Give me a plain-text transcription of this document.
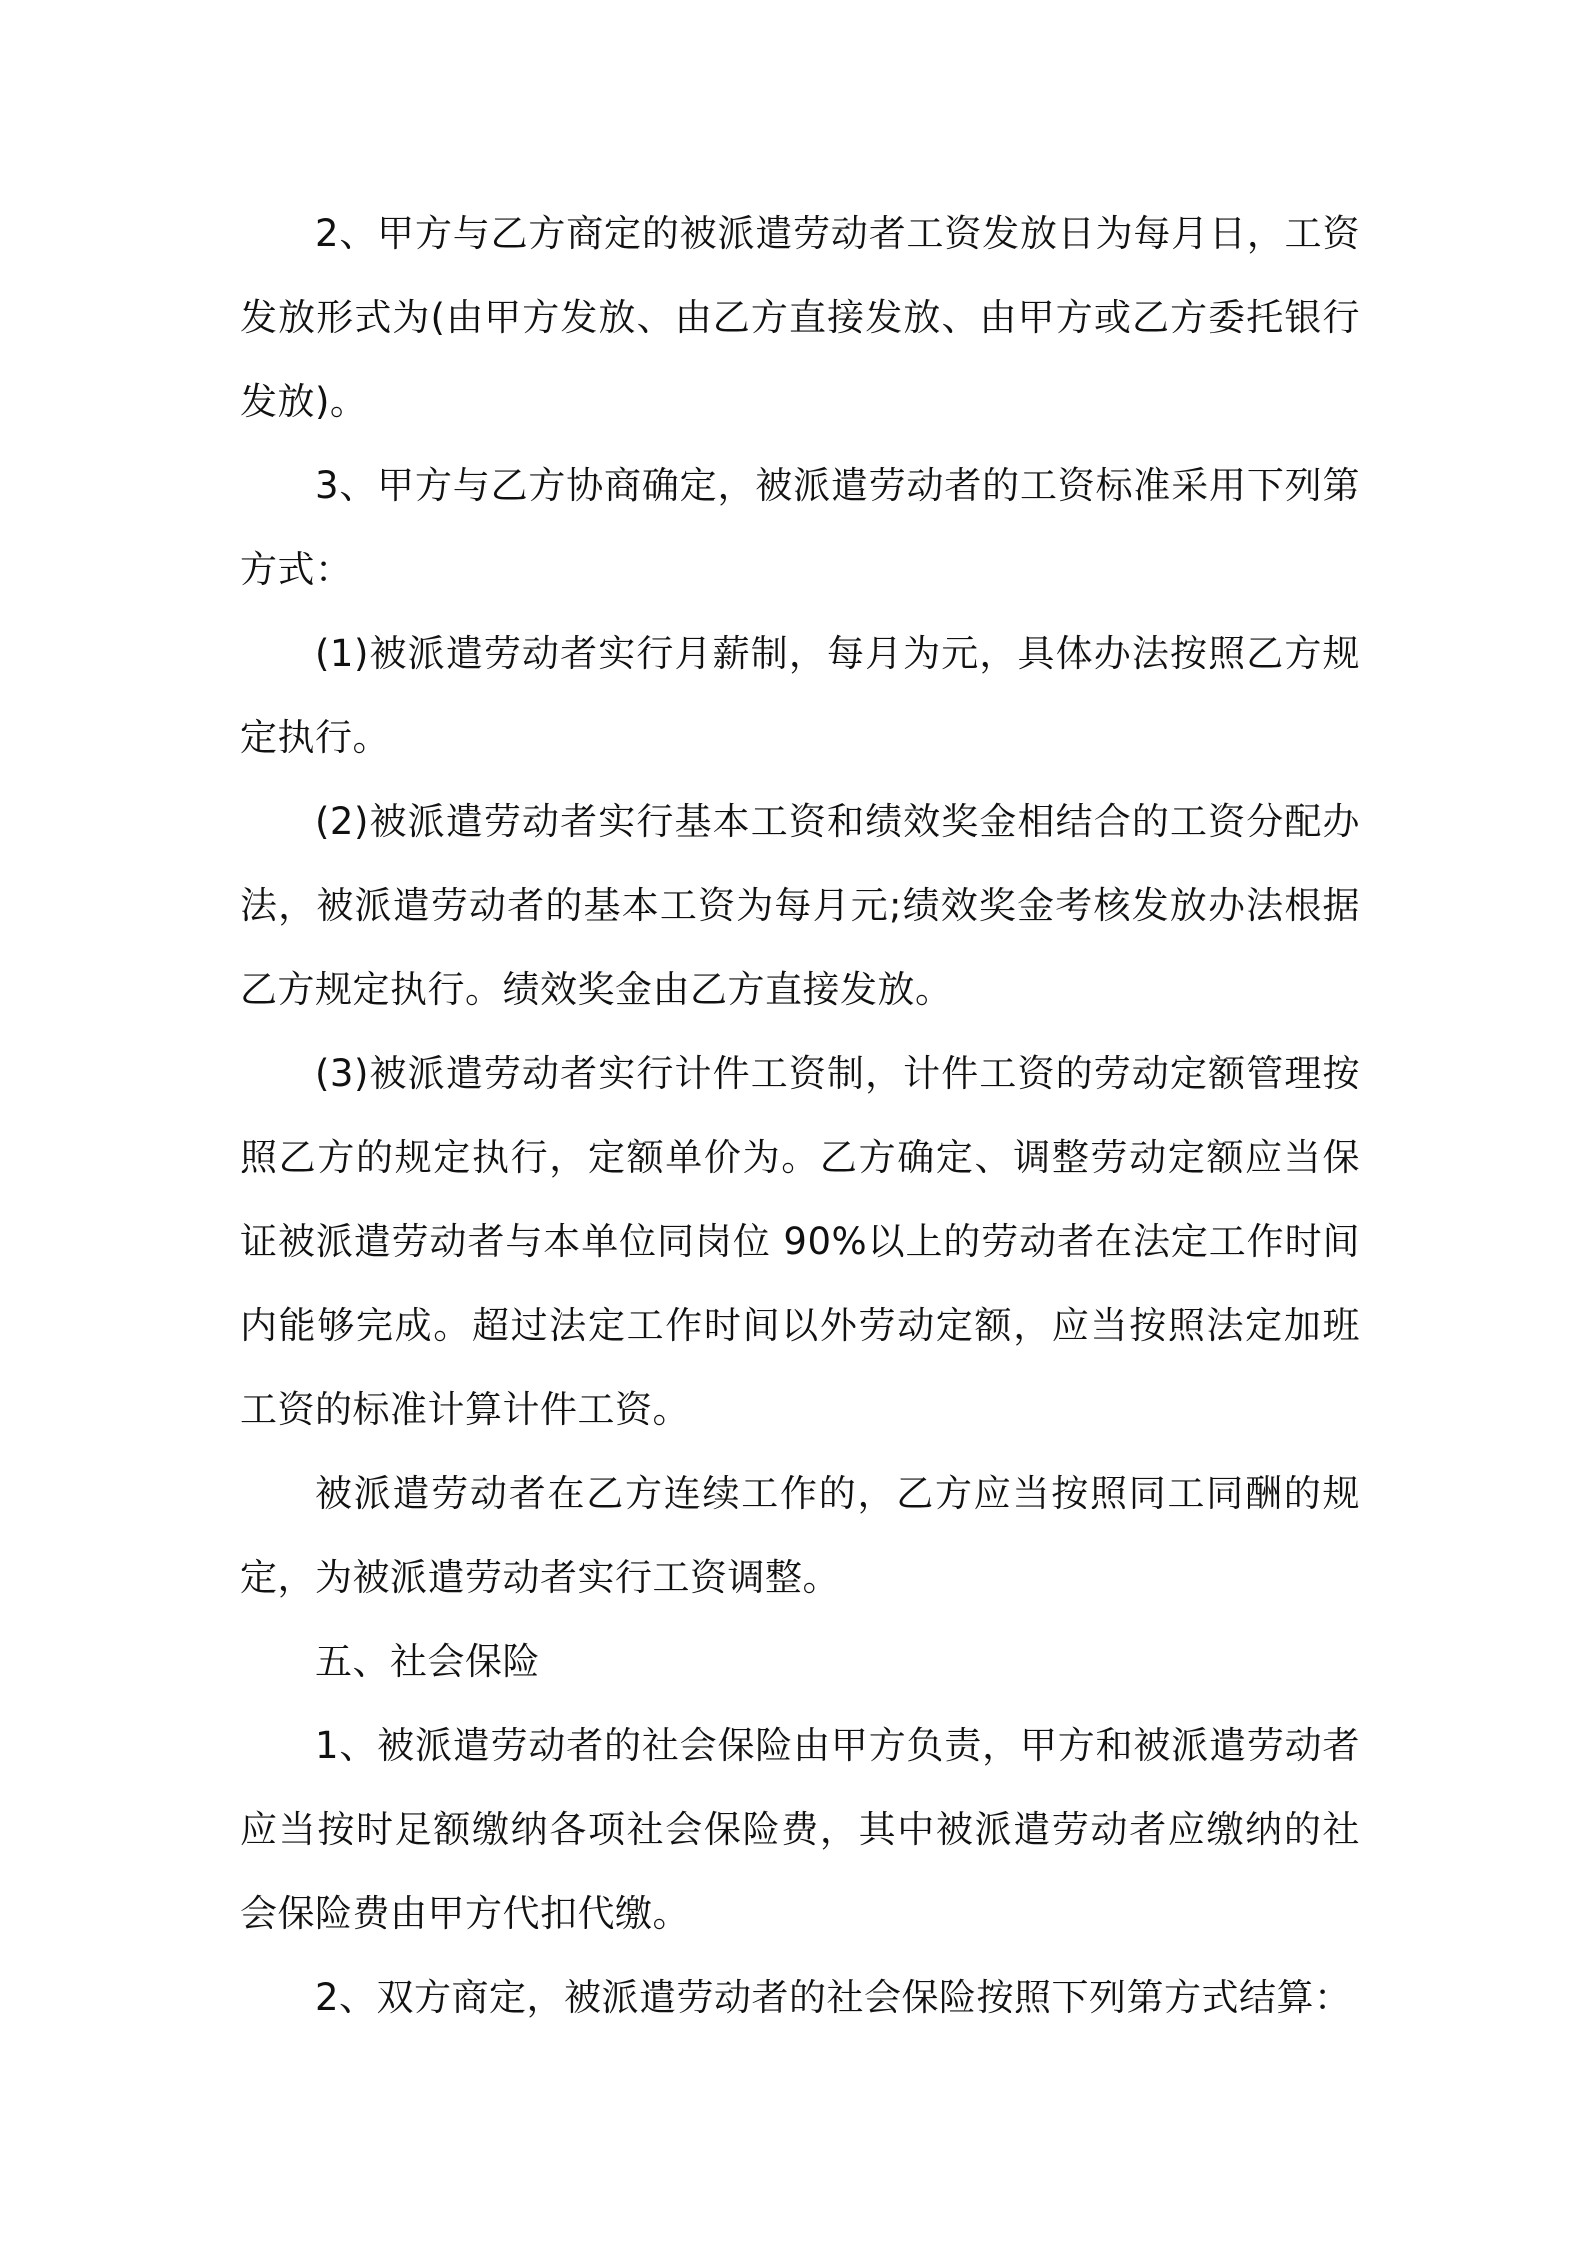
2、甲方与乙方商定的被派遣劳动者工资发放日为每月日，工资发放形式为(由甲方发放、由乙方直接发放、由甲方或乙方委托银行发放)。

3、甲方与乙方协商确定，被派遣劳动者的工资标准采用下列第方式：

(1)被派遣劳动者实行月薪制，每月为元，具体办法按照乙方规定执行。

(2)被派遣劳动者实行基本工资和绩效奖金相结合的工资分配办法，被派遣劳动者的基本工资为每月元;绩效奖金考核发放办法根据乙方规定执行。绩效奖金由乙方直接发放。

(3)被派遣劳动者实行计件工资制，计件工资的劳动定额管理按照乙方的规定执行，定额单价为。乙方确定、调整劳动定额应当保证被派遣劳动者与本单位同岗位 90%以上的劳动者在法定工作时间内能够完成。超过法定工作时间以外劳动定额，应当按照法定加班工资的标准计算计件工资。

被派遣劳动者在乙方连续工作的，乙方应当按照同工同酬的规定，为被派遣劳动者实行工资调整。

五、社会保险

1、被派遣劳动者的社会保险由甲方负责，甲方和被派遣劳动者应当按时足额缴纳各项社会保险费，其中被派遣劳动者应缴纳的社会保险费由甲方代扣代缴。

2、双方商定，被派遣劳动者的社会保险按照下列第方式结算：
